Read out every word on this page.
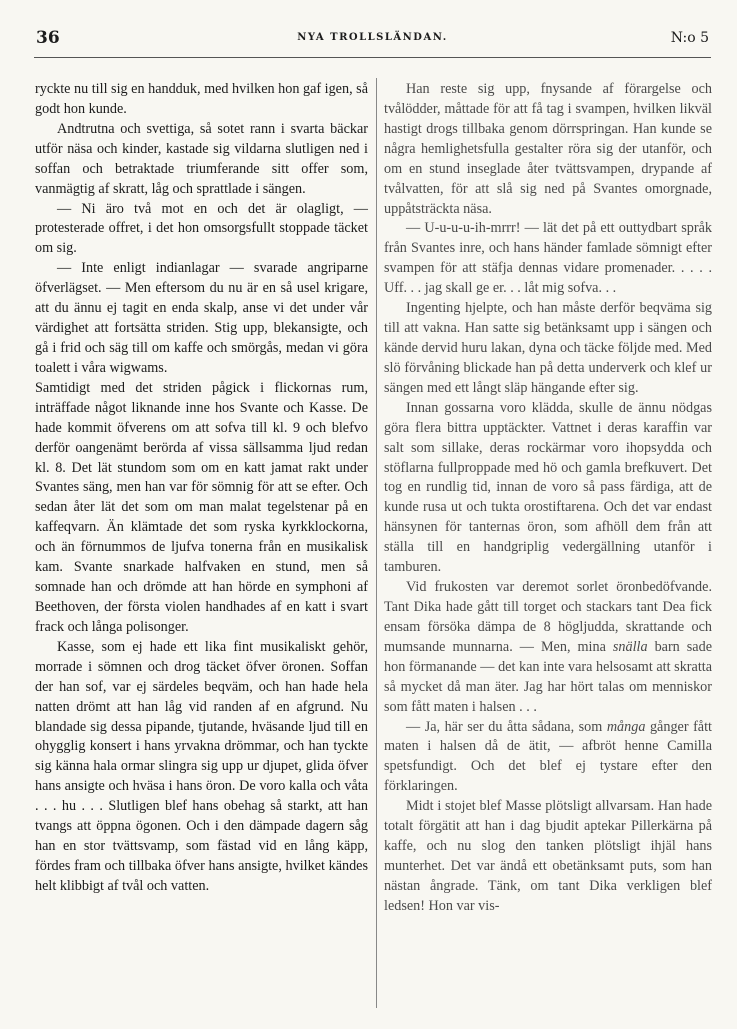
36	NYA TROLLSLÄNDAN.	N:o 5

ryckte nu till sig en handduk, med hvilken hon gaf igen, så godt hon kunde.

Andtrutna och svettiga, så sotet rann i svarta bäckar utför näsa och kinder, kastade sig vildarna slutligen ned i soffan och betraktade triumferande sitt offer som, vanmägtig af skratt, låg och sprattlade i sängen.

— Ni äro två mot en och det är olagligt, — protesterade offret, i det hon omsorgsfullt stoppade täcket om sig.

— Inte enligt indianlagar — svarade angriparne öfverlägset. — Men eftersom du nu är en så usel krigare, att du ännu ej tagit en enda skalp, anse vi det under vår värdighet att fortsätta striden. Stig upp, blekansigte, och gå i frid och säg till om kaffe och smörgås, medan vi göra toalett i våra wigwams.

Samtidigt med det striden pågick i flickornas rum, inträffade något liknande inne hos Svante och Kasse. De hade kommit öfverens om att sofva till kl. 9 och blefvo derför oangenämt berörda af vissa sällsamma ljud redan kl. 8. Det lät stundom som om en katt jamat rakt under Svantes säng, men han var för sömnig för att se efter. Och sedan åter lät det som om man malat tegelstenar på en kaffeqvarn. Än klämtade det som ryska kyrkklockorna, och än förnummos de ljufva tonerna från en musikalisk kam. Svante snarkade halfvaken en stund, men så somnade han och drömde att han hörde en symphoni af Beethoven, der första violen handhades af en katt i svart frack och långa polisonger.

Kasse, som ej hade ett lika fint musikaliskt gehör, morrade i sömnen och drog täcket öfver öronen. Soffan der han sof, var ej särdeles beqväm, och han hade hela natten drömt att han låg vid randen af en afgrund. Nu blandade sig dessa pipande, tjutande, hväsande ljud till en ohygglig konsert i hans yrvakna drömmar, och han tyckte sig känna hala ormar slingra sig upp ur djupet, glida öfver hans ansigte och hväsa i hans öron. De voro kalla och våta . . . hu . . . Slutligen blef hans obehag så starkt, att han tvangs att öppna ögonen. Och i den dämpade dagern såg han en stor tvättsvamp, som fästad vid en lång käpp, fördes fram och tillbaka öfver hans ansigte, hvilket kändes helt klibbigt af tvål och vatten.

Han reste sig upp, fnysande af förargelse och tvålödder, måttade för att få tag i svampen, hvilken likväl hastigt drogs tillbaka genom dörrspringan. Han kunde se några hemlighetsfulla gestalter röra sig der utanför, och om en stund inseglade åter tvättsvampen, drypande af tvålvatten, för att slå sig ned på Svantes omorgnade, uppåtsträckta näsa.

— U-u-u-u-ih-mrrr! — lät det på ett outtydbart språk från Svantes inre, och hans händer famlade sömnigt efter svampen för att stäfja dennas vidare promenader. . . . . Uff. . . jag skall ge er. . . låt mig sofva. . .

Ingenting hjelpte, och han måste derför beqväma sig till att vakna. Han satte sig betänksamt upp i sängen och kände dervid huru lakan, dyna och täcke följde med. Med slö förvåning blickade han på detta underverk och klef ur sängen med ett långt släp hängande efter sig.

Innan gossarna voro klädda, skulle de ännu nödgas göra flera bittra upptäckter. Vattnet i deras karaffin var salt som sillake, deras rockärmar voro ihopsydda och stöflarna fullproppade med hö och gamla brefkuvert. Det tog en rundlig tid, innan de voro så pass färdiga, att de kunde rusa ut och tukta orostiftarena. Och det var endast hänsynen för tanternas öron, som afhöll dem från att ställa till en handgriplig vedergällning utanför i tamburen.

Vid frukosten var deremot sorlet öronbedöfvande. Tant Dika hade gått till torget och stackars tant Dea fick ensam försöka dämpa de 8 högljudda, skrattande och mumsande munnarna. — Men, mina snälla barn sade hon förmanande — det kan inte vara helsosamt att skratta så mycket då man äter. Jag har hört talas om menniskor som fått maten i halsen . . .

— Ja, här ser du åtta sådana, som många gånger fått maten i halsen då de ätit, — afbröt henne Camilla spetsfundigt. Och det blef ej tystare efter den förklaringen.

Midt i stojet blef Masse plötsligt allvarsam. Han hade totalt förgätit att han i dag bjudit aptekar Pillerkärna på kaffe, och nu slog den tanken plötsligt ihjäl hans munterhet. Det var ändå ett obetänksamt puts, som han nästan ångrade. Tänk, om tant Dika verkligen blef ledsen! Hon var vis-
